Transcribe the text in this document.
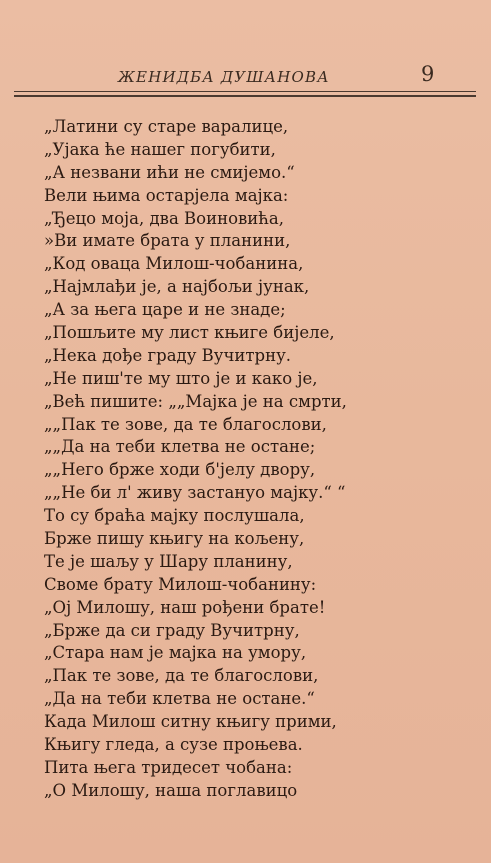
ЖЕНИДБА ДУШАНОВА	9
„Латини су старе варалице,
„Ујака ће нашег погубити,
„А незвани ићи не смијемо.“
Вели њима остарјела мајка:
„Ђецо моја, два Воиновића,
»Ви имате брата у планини,
„Код оваца Милош-чобанина,
„Најмлађи је, а најбољи јунак,
„А за њега царе и не знаде;
„Пошљите му лист књиге бијеле,
„Нека дође граду Вучитрну.
„Не пиш'те му што је и како је,
„Већ пишите: „„Мајка је на смрти,
„„Пак те зове, да те благослови,
„„Да на теби клетва не остане;
„„Него брже ходи б'јелу двору,
„„Не би л' живу застануо мајку.“ “
То су браћа мајку послушала,
Брже пишу књигу на кољену,
Те је шаљу у Шару планину,
Своме брату Милош-чобанину:
„Ој Милошу, наш рођени брате!
„Брже да си граду Вучитрну,
„Стара нам је мајка на умору,
„Пак те зове, да те благослови,
„Да на теби клетва не остане.“
Када Милош ситну књигу прими,
Књигу гледа, а сузе проњева.
Пита њега тридесет чобана:
„О Милошу, наша поглавицо
